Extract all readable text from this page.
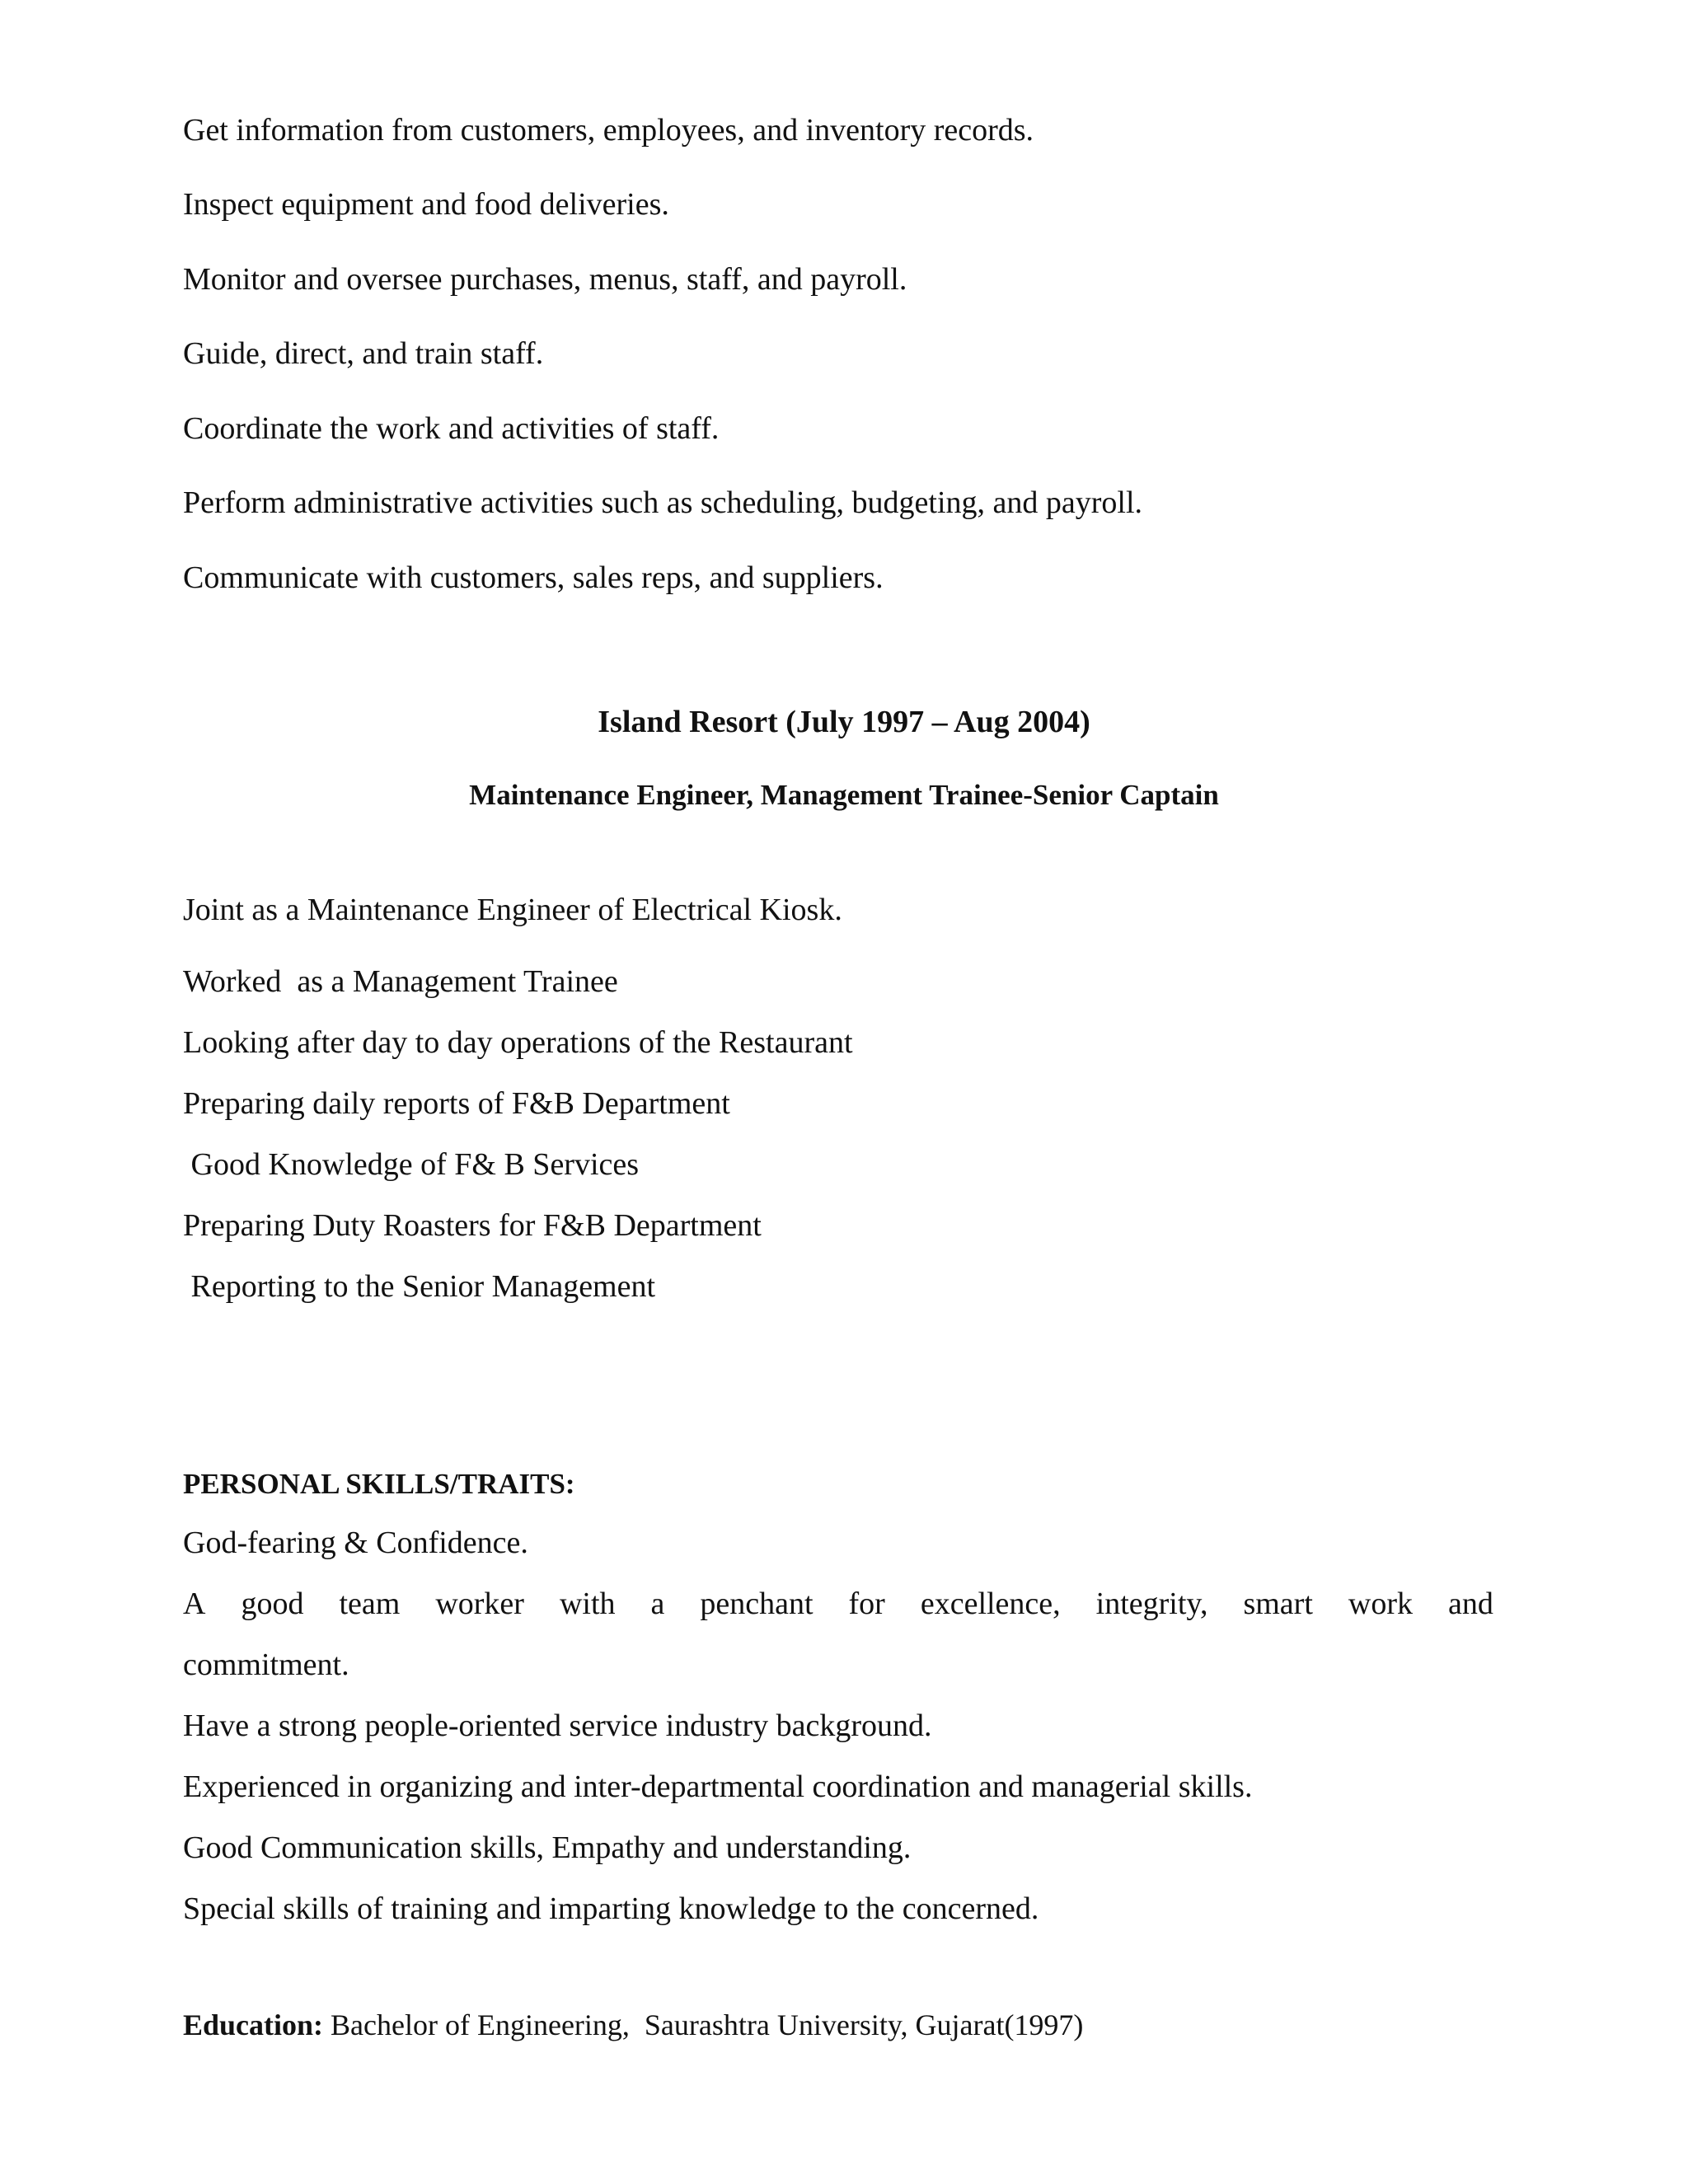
Get information from customers, employees, and inventory records.
Inspect equipment and food deliveries.
Monitor and oversee purchases, menus, staff, and payroll.
Guide, direct, and train staff.
Coordinate the work and activities of staff.
Perform administrative activities such as scheduling, budgeting, and payroll.
Communicate with customers, sales reps, and suppliers.
Island Resort (July 1997 – Aug 2004)
Maintenance Engineer, Management Trainee-Senior Captain
Joint as a Maintenance Engineer of Electrical Kiosk.
Worked  as a Management Trainee
Looking after day to day operations of the Restaurant
Preparing daily reports of F&B Department
Good Knowledge of F& B Services
Preparing Duty Roasters for F&B Department
Reporting to the Senior Management
PERSONAL SKILLS/TRAITS:
God-fearing & Confidence.
A good team worker with a penchant for excellence, integrity, smart work and
commitment.
Have a strong people-oriented service industry background.
Experienced in organizing and inter-departmental coordination and managerial skills.
Good Communication skills, Empathy and understanding.
Special skills of training and imparting knowledge to the concerned.
Education: Bachelor of Engineering,  Saurashtra University, Gujarat(1997)
